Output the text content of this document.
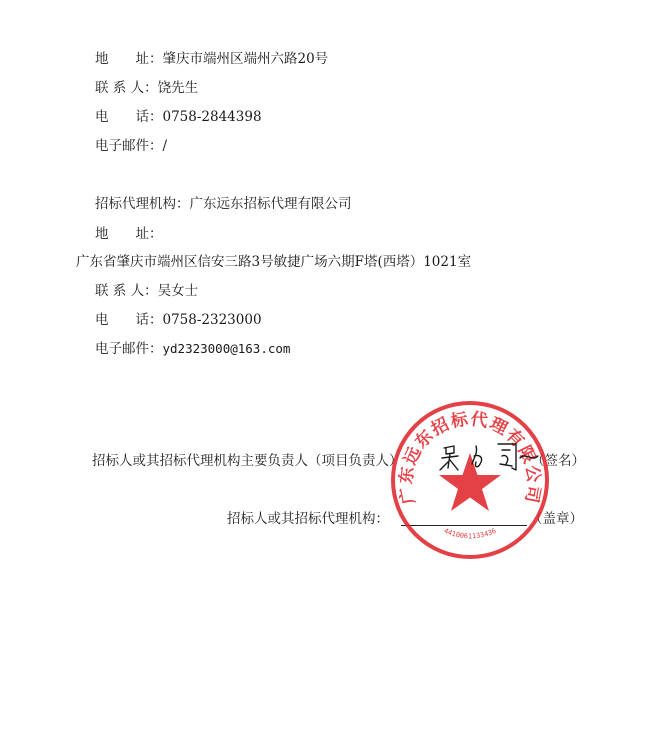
地　　址：肇庆市端州区端州六路20号
联 系 人：饶先生
电　　话：0758-2844398
电子邮件：/
招标代理机构：广东远东招标代理有限公司
地　　址：
广东省肇庆市端州区信安三路3号敏捷广场六期F塔(西塔）1021室
联 系 人：吴女士
电　　话：0758-2323000
电子邮件：yd2323000@163.com
招标人或其招标代理机构主要负责人（项目负责人）	（签名）
招标人或其招标代理机构：	（盖章）
广东远东招标代理有限公司
4410061133436
